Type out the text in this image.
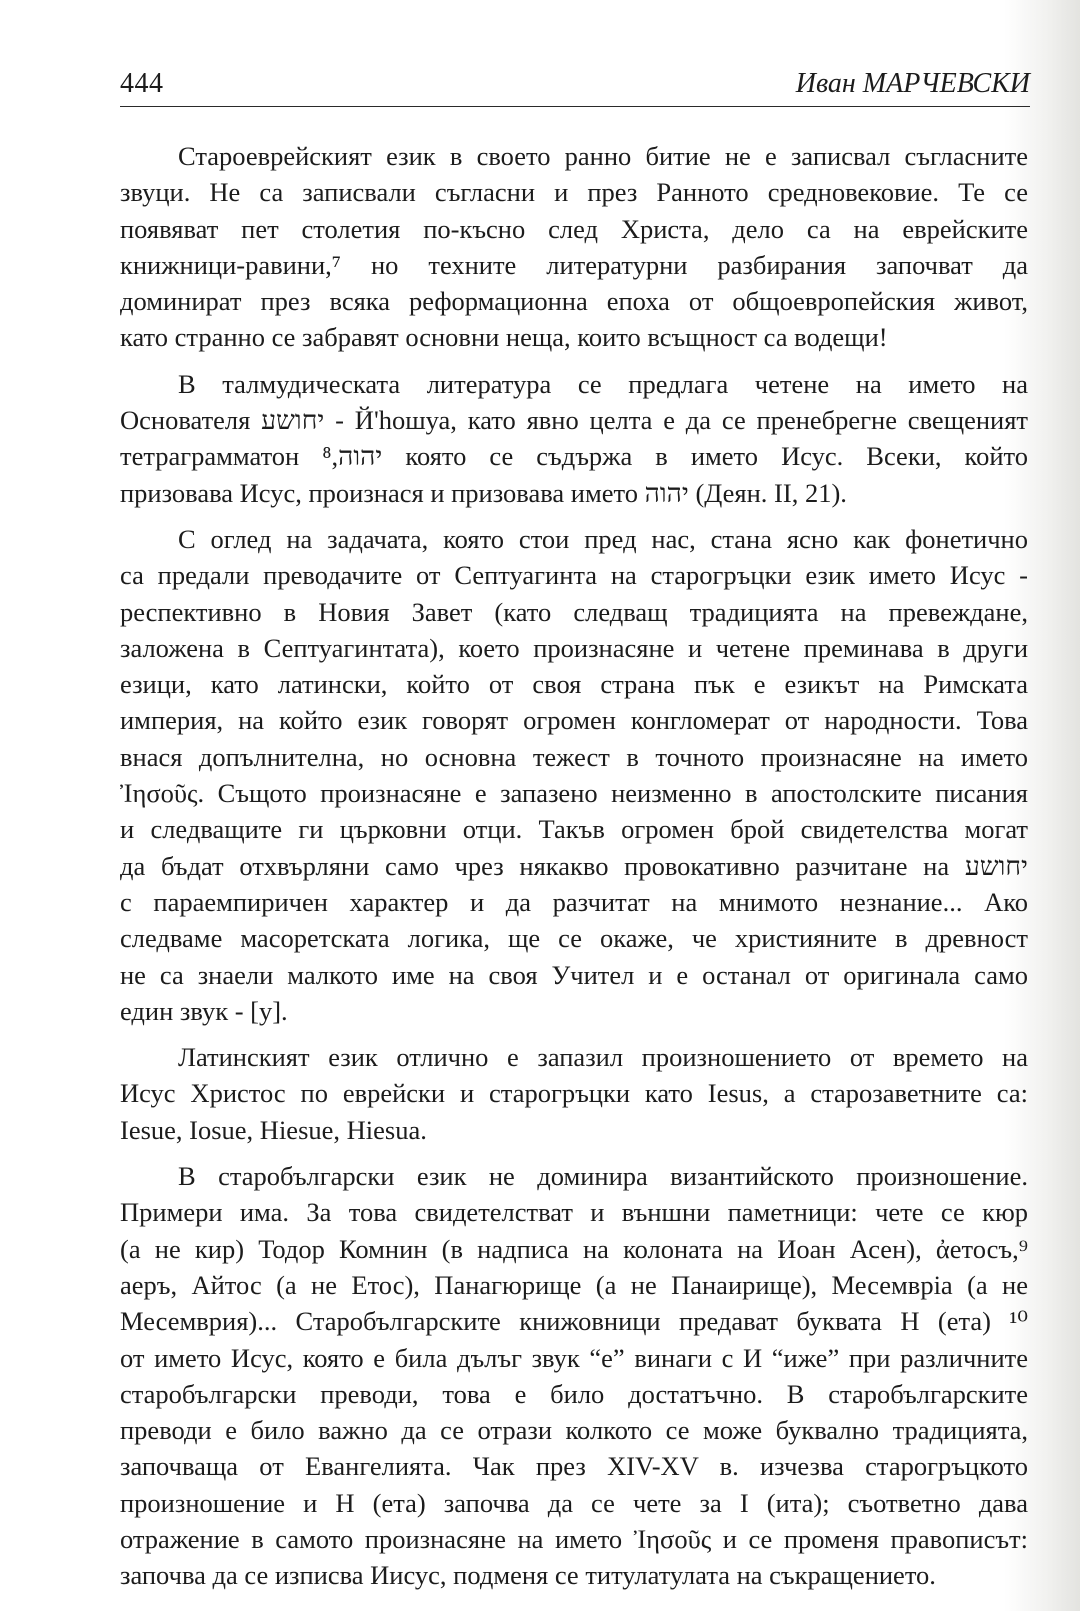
444	Иван МАРЧЕВСКИ

Староеврейският език в своето ранно битие не е записвал съгласните
звуци. Не са записвали съгласни и през Ранното средновековие. Те се
появяват пет столетия по-късно след Христа, дело са на еврейските
книжници-равини,⁷ но техните литературни разбирания започват да
доминират през всяка реформационна епоха от общоевропейския живот,
като странно се забравят основни неща, които всъщност са водещи!

В талмудическата литература се предлага четене на името на
Основателя יחושע - Й'hошуа, като явно целта е да се пренебрегне свещеният
тетраграмматон יהוה,⁸ която се съдържа в името Исус. Всеки, който
призовава Исус, произнася и призовава името יהוה (Деян. II, 21).

С оглед на задачата, която стои пред нас, стана ясно как фонетично
са предали преводачите от Септуагинта на старогръцки език името Исус -
респективно в Новия Завет (като следващ традицията на превеждане,
заложена в Септуагинтата), което произнасяне и четене преминава в други
езици, като латински, който от своя страна пък е езикът на Римската
империя, на който език говорят огромен конгломерат от народности. Това
внася допълнителна, но основна тежест в точното произнасяне на името
Ἰησοῦς. Същото произнасяне е запазено неизменно в апостолските писания
и следващите ги църковни отци. Такъв огромен брой свидетелства могат
да бъдат отхвърляни само чрез някакво провокативно разчитане на יחושע
с параемпиричен характер и да разчитат на мнимото незнание... Ако
следваме масоретската логика, ще се окаже, че християните в древност
не са знаели малкото име на своя Учител и е останал от оригинала само
един звук - [у].

Латинският език отлично е запазил произношението от времето на
Исус Христос по еврейски и старогръцки като Iesus, а старозаветните са:
Iesue, Iosue, Hiesue, Hiesua.

В старобългарски език не доминира византийското произношение.
Примери има. За това свидетелстват и външни паметници: чете се кюр
(а не кир) Тодор Комнин (в надписа на колоната на Иоан Асен), ἀетосъ,⁹
аеръ, Айтос (а не Етос), Панагюрище (а не Панаирище), Месемвріа (а не
Месемврия)... Старобългарските книжовници предават буквата Н (ета) ¹⁰
от името Исус, която е била дълъг звук “е” винаги с И “иже” при различните
старобългарски преводи, това е било достатъчно. В старобългарските
преводи е било важно да се отрази колкото се може буквално традицията,
започваща от Евангелията. Чак през XIV-XV в. изчезва старогръцкото
произношение и Н (ета) започва да се чете за I (ита); съответно дава
отражение в самото произнасяне на името Ἰησοῦς и се променя правописът:
започва да се изписва Иисус, подменя се титулатулата на съкращението.
